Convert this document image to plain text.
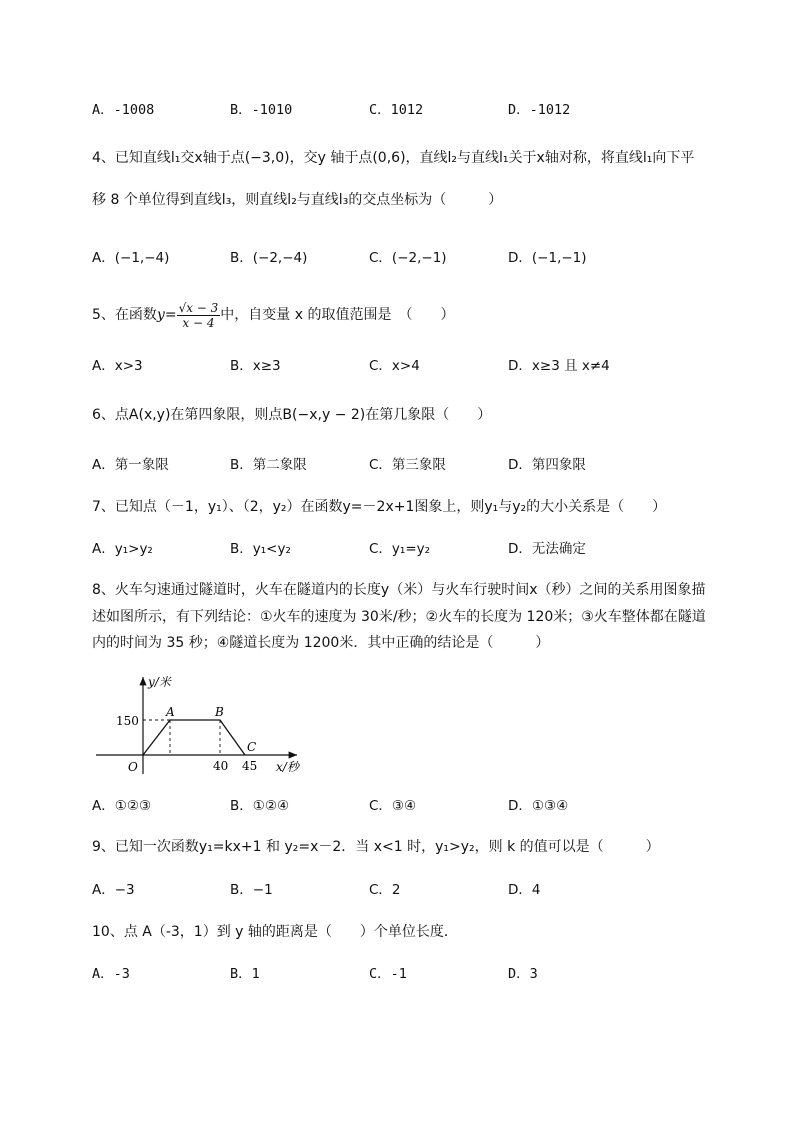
A．-1008	B．-1010	C．1012	D．-1012
4、已知直线l₁交x轴于点(−3,0)，交y 轴于点(0,6)，直线l₂与直线l₁关于x轴对称，将直线l₁向下平
移 8 个单位得到直线l₃，则直线l₂与直线l₃的交点坐标为（　　　）
A．(−1,−4)	B．(−2,−4)	C．(−2,−1)	D．(−1,−1)
5、在函数$y= \frac{√x - 3}{x - 4}$ 中，自变量 x 的取值范围是　（　　）
A．x>3	B．x≥3	C．x>4	D．x≥3 且 x≠4
6、点A(x,y)在第四象限，则点B(−x,y − 2)在第几象限（　　）
A．第一象限	B．第二象限	C．第三象限	D．第四象限
7、已知点（－1，y₁）、（2，y₂）在函数y=－2x+1图象上，则y₁与y₂的大小关系是（　　）
A．y₁>y₂	B．y₁<y₂	C．y₁=y₂	D．无法确定
8、火车匀速通过隧道时，火车在隧道内的长度y（米）与火车行驶时间x（秒）之间的关系用图象描
述如图所示，有下列结论：①火车的速度为 30米/秒；②火车的长度为 120米；③火车整体都在隧道
内的时间为 35 秒；④隧道长度为 1200米．其中正确的结论是（　　　）
y/米
x/秒
150
O	40 45
A	B
C
A．①②③	B．①②④	C．③④	D．①③④
9、已知一次函数y₁=kx+1 和 y₂=x－2．当 x<1 时，y₁>y₂，则 k 的值可以是（　　　）
A．−3	B．−1	C．2	D．4
10、点 A（-3，1）到 y 轴的距离是（　　）个单位长度．
A．-3	B．1	C．-1	D．3
